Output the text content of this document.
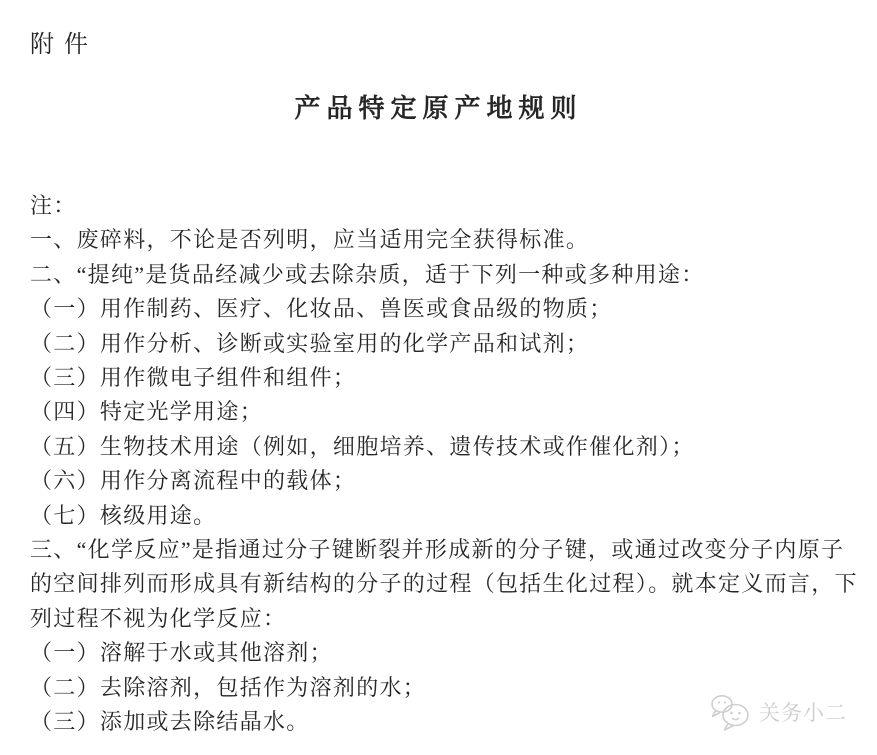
附件
产品特定原产地规则
注：
一、废碎料，不论是否列明，应当适用完全获得标准。
二、“提纯”是货品经减少或去除杂质，适于下列一种或多种用途：
（一）用作制药、医疗、化妆品、兽医或食品级的物质；
（二）用作分析、诊断或实验室用的化学产品和试剂；
（三）用作微电子组件和组件；
（四）特定光学用途；
（五）生物技术用途（例如，细胞培养、遗传技术或作催化剂）；
（六）用作分离流程中的载体；
（七）核级用途。
三、“化学反应”是指通过分子键断裂并形成新的分子键，或通过改变分子内原子
的空间排列而形成具有新结构的分子的过程（包括生化过程）。就本定义而言，下
列过程不视为化学反应：
（一）溶解于水或其他溶剂；
（二）去除溶剂，包括作为溶剂的水；
（三）添加或去除结晶水。	关务小二
